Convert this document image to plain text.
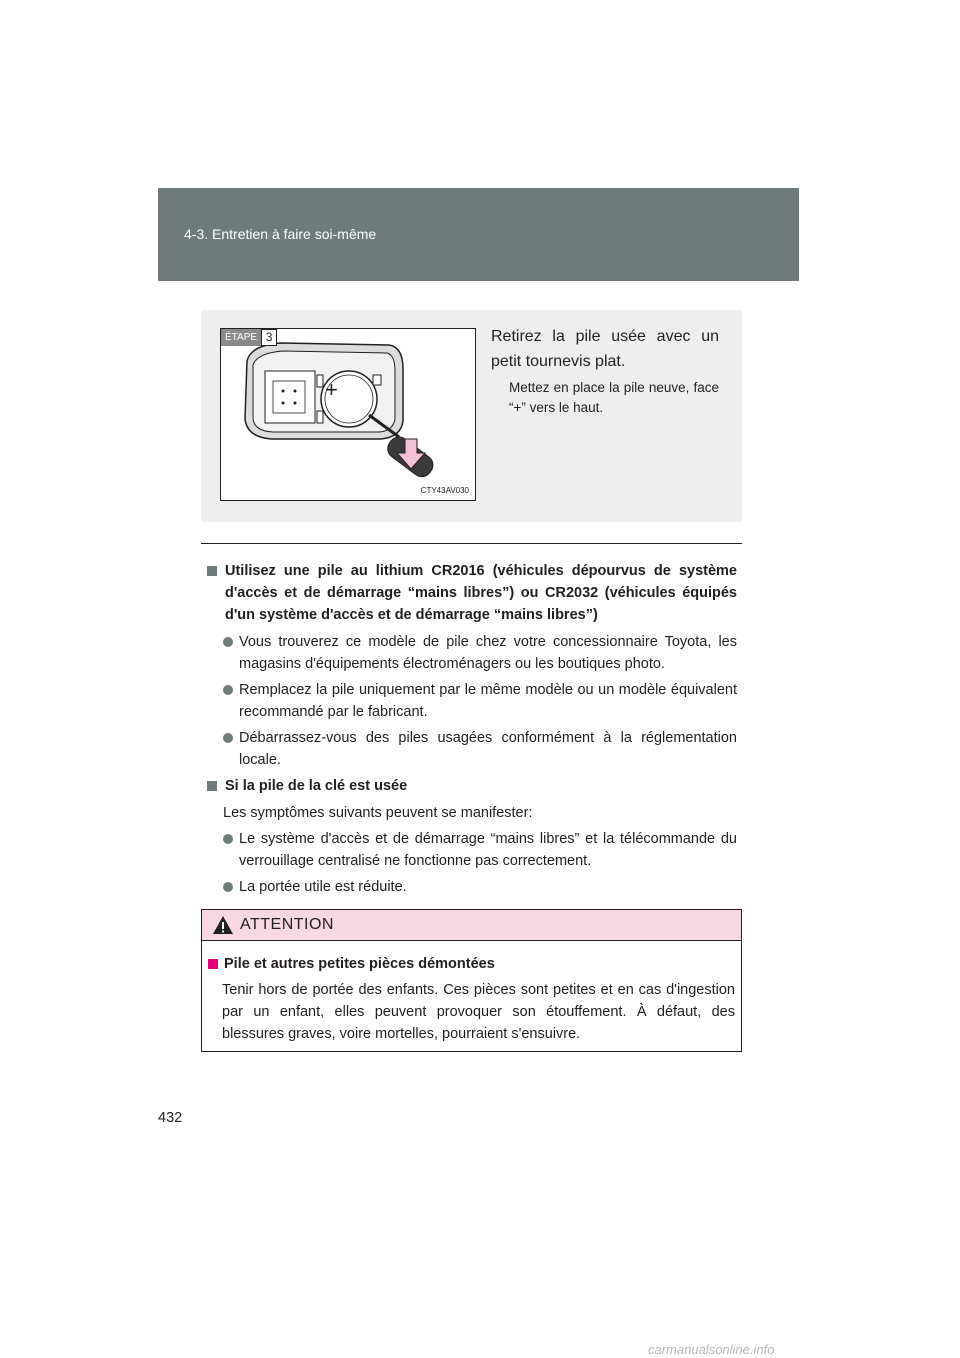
4-3. Entretien à faire soi-même
+
ÉTAPE 3
CTY43AV030
Retirez la pile usée avec un petit tournevis plat.
Mettez en place la pile neuve, face “+” vers le haut.
Utilisez une pile au lithium CR2016 (véhicules dépourvus de système d'accès et de démarrage “mains libres”) ou CR2032 (véhicules équipés d'un système d'accès et de démarrage “mains libres”)
Vous trouverez ce modèle de pile chez votre concessionnaire Toyota, les magasins d'équipements électroménagers ou les boutiques photo.
Remplacez la pile uniquement par le même modèle ou un modèle équivalent recommandé par le fabricant.
Débarrassez-vous des piles usagées conformément à la réglementation locale.
Si la pile de la clé est usée
Les symptômes suivants peuvent se manifester:
Le système d'accès et de démarrage “mains libres” et la télécommande du verrouillage centralisé ne fonctionne pas correctement.
La portée utile est réduite.
ATTENTION
Pile et autres petites pièces démontées
Tenir hors de portée des enfants. Ces pièces sont petites et en cas d'ingestion par un enfant, elles peuvent provoquer son étouffement. À défaut, des blessures graves, voire mortelles, pourraient s'ensuivre.
432
carmanualsonline.info
